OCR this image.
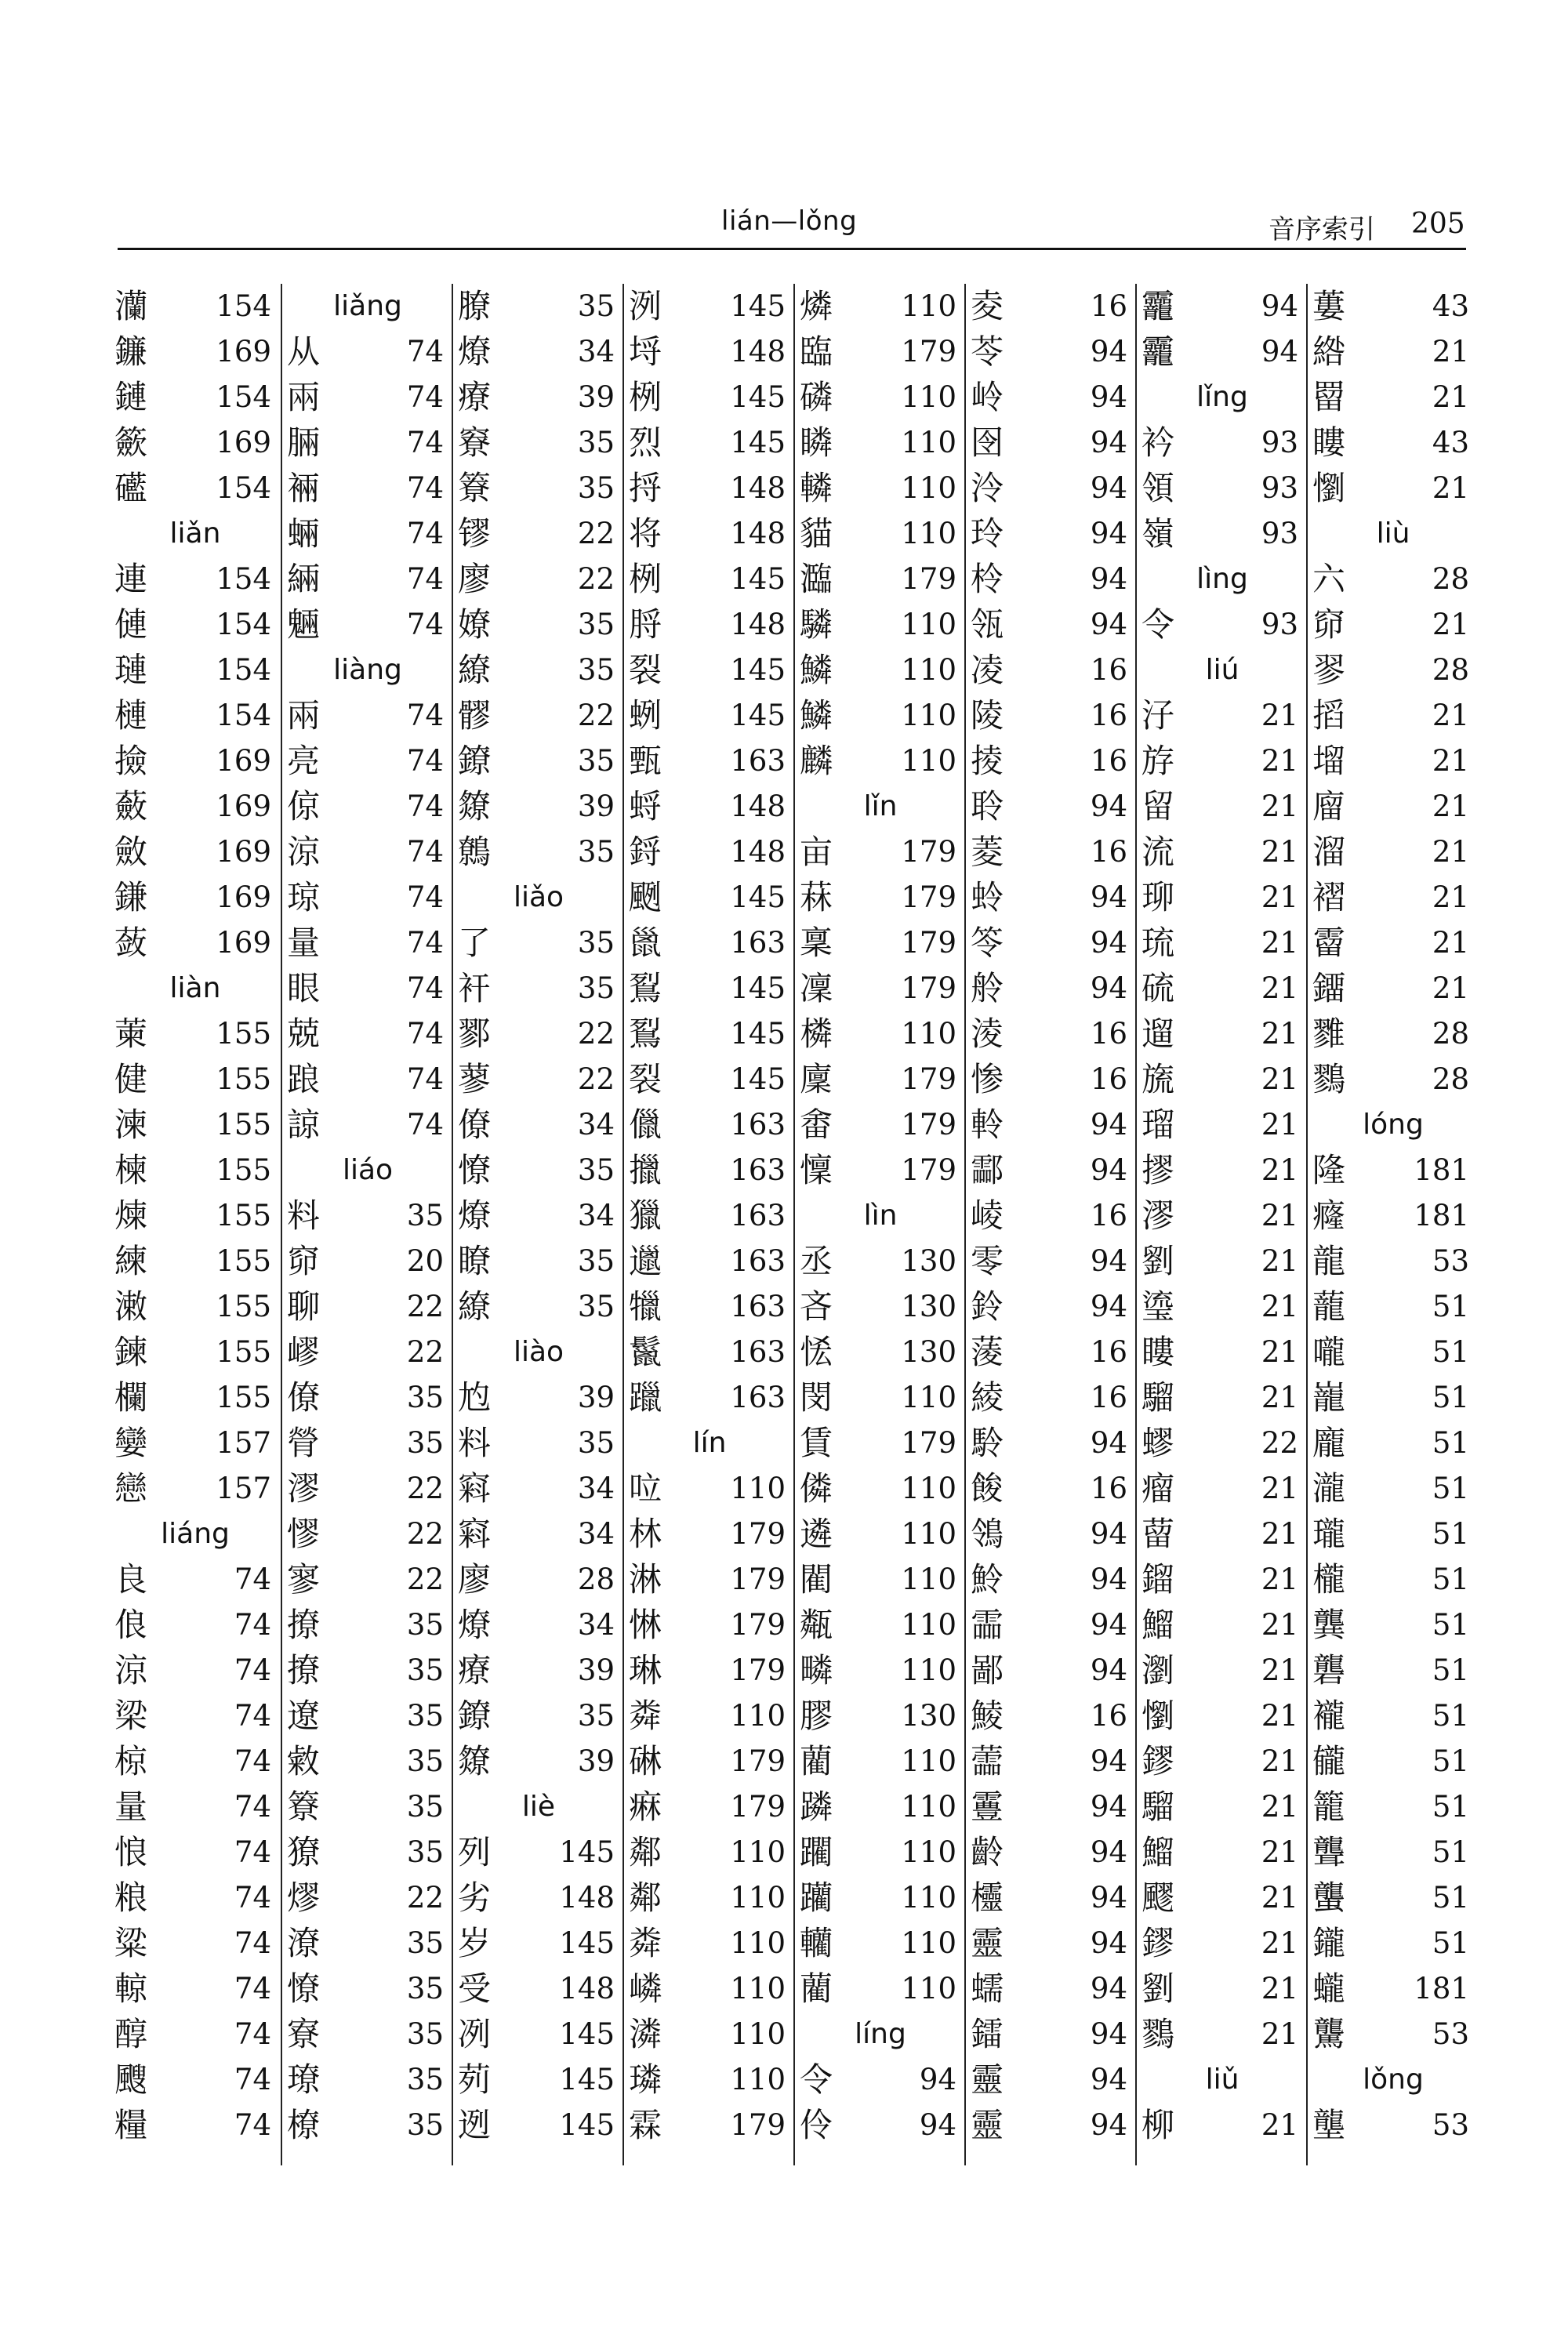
lián—lǒng	音序索引 205
灡 154
鐮 169
鏈 154
籨 169
礷 154
liǎn
連 154
僆 154
璉 154
槤 154
撿 169
蘞 169
斂 169
鎌 169
蔹 169
liàn
萰 155
健 155
湅 155
楝 155
煉 155
練 155
潄 155
鍊 155
欄 155
孌 157
戀 157
liáng
良	74
俍	74
涼	74
梁	74
椋	74
量	74
悢	74
粮	74
粱	74
輬	74
醇	74
颼	74
糧	74
liǎng
从	74
兩	74
脼	74
裲	74
蜽	74
緉	74
魎	74
liàng
兩	74
亮	74
倞	74
涼	74
琼	74
量	74
眼	74
兢	74
踉	74
諒	74
liáo
料	35
窌	20
聊	22
嵺	22
僚	35
膋	35
漻	22
憀	22
寥	22
撩	35
撩	35
遼	35
敹	35
簝	35
獠	35
熮	22
潦	35
憭	35
寮	35
璙	35
橑	35
膫	35
燎	34
療	39
竂	35
簝	35
镠	22
廖	22
嫽	35
繚	35
髎	22
鐐	35
爒	39
鷯	35
liǎo
了	35
衦	35
鄝	22
蓼	22
僚	34
憭	35
燎	34
瞭	35
繚	35
liào
尥	39
料	35
窲	34
窲	34
廖	28
燎	34
療	39
鐐	35
爒	39
liè
列 145
劣 148
岁 145
受 148
冽 145
茢 145
迾 145
洌 145
埒 148
栵 145
烈 145
捋 148
将 148
栵 145
脟 148
裂 145
蛚 145
甄 163
蛶 148
鋝 148
颲 145
巤 163
鴷 145
鴷 145
裂 145
儠 163
擸 163
獵 163
邋 163
犣 163
鬣 163
躐 163
lín
㕸 110
林 179
淋 179
惏 179
琳 179
粦 110
碄 179
痳 179
鄰 110
鄰 110
粦 110
嶙 110
潾 110
璘 110
霖 179
燐 110
臨 179
磷 110
瞵 110
轔 110
貓 110
瀶 179
驎 110
鱗 110
鱗 110
麟 110
lǐn
亩 179
菻 179
稟 179
凜 179
橉 110
廩 179
畬 179
懍 179
lìn
丞 130
吝 130
恡 130
閔 110
賃 179
僯 110
遴 110
閵 110
甐 110
疄 110
膠 130
藺 110
蹸 110
躙 110
躪 110
轥 110
藺 110
líng
令	94
伶	94
夌	16
苓	94
岭	94
囹	94
泠	94
玲	94
柃	94
瓴	94
凌	16
陵	16
掕	16
聆	94
菱	16
蛉	94
笭	94
舲	94
淩	16
惨	16
軨	94
酃	94
崚	16
零	94
鈴	94
蔆	16
綾	16
駖	94
餕	16
鴒	94
魿	94
霝	94
鄙	94
鯪	16
蘦	94
霻	94
齡	94
欞	94
靈	94
蠕	94
鐳	94
靈	94
靈	94
龗	94
龗	94
lǐng
衿	93
領	93
嶺	93
lìng
令	93
liú
汓	21
斿	21
留	21
流	21
珋	21
琉	21
硫	21
遛	21
旒	21
瑠	21
摎	21
漻	21
劉	21
瑬	21
瞜	21
騮	21
蟉	22
瘤	21
蒥	21
鎦	21
鰡	21
瀏	21
懰	21
鏐	21
騮	21
鰡	21
飂	21
鏐	21
劉	21
鷚	21
liǔ
柳	21
蔞	43
綹	21
罶	21
瞜	43
懰	21
liù
六	28
窌	21
翏	28
搯	21
塯	21
廇	21
溜	21
褶	21
霤	21
鐂	21
雡	28
鷚	28
lóng
隆 181
癃 181
龍	53
蘢	51
嚨	51
巃	51
龐	51
瀧	51
瓏	51
櫳	51
龔	51
礱	51
襱	51
龓	51
籠	51
聾	51
蠪	51
鑨	51
蠬 181
驡	53
lǒng
壟	53
